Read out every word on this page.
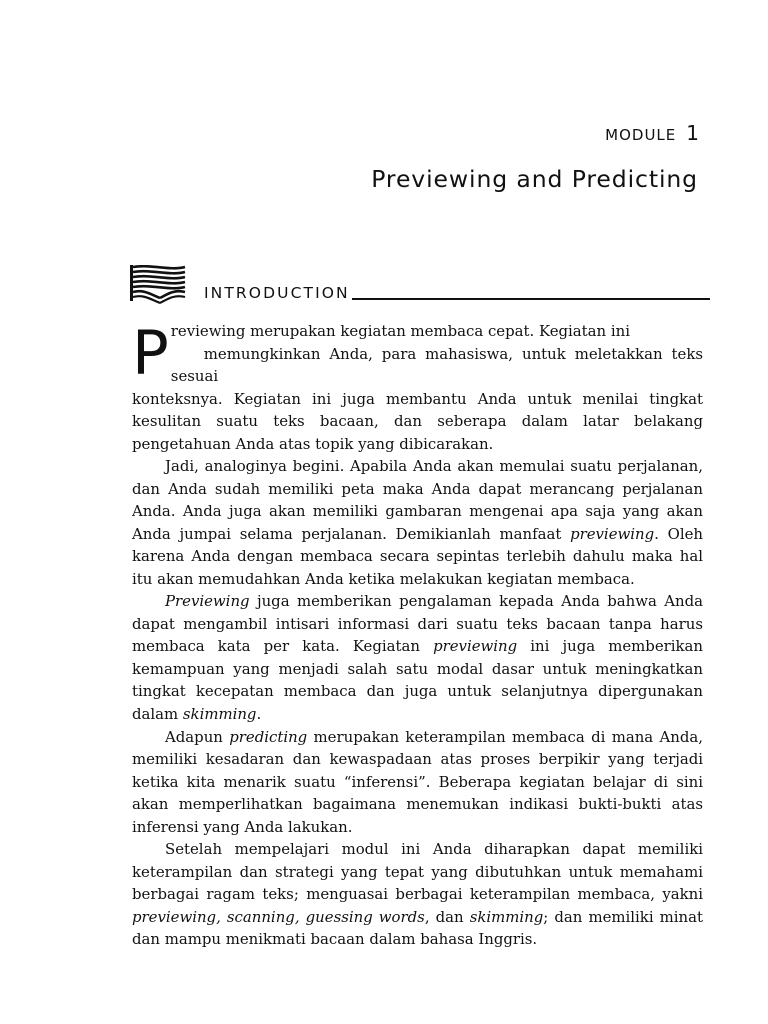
MODULE 1
Previewing and Predicting
INTRODUCTION

P reviewing merupakan kegiatan membaca cepat. Kegiatan ini
memungkinkan Anda, para mahasiswa, untuk meletakkan teks sesuai
konteksnya. Kegiatan ini juga membantu Anda untuk menilai tingkat kesulitan suatu teks bacaan, dan seberapa dalam latar belakang pengetahuan Anda atas topik yang dibicarakan.

Jadi, analoginya begini. Apabila Anda akan memulai suatu perjalanan, dan Anda sudah memiliki peta maka Anda dapat merancang perjalanan Anda. Anda juga akan memiliki gambaran mengenai apa saja yang akan Anda jumpai selama perjalanan. Demikianlah manfaat previewing. Oleh karena Anda dengan membaca secara sepintas terlebih dahulu maka hal itu akan memudahkan Anda ketika melakukan kegiatan membaca.

Previewing juga memberikan pengalaman kepada Anda bahwa Anda dapat mengambil intisari informasi dari suatu teks bacaan tanpa harus membaca kata per kata. Kegiatan previewing ini juga memberikan kemampuan yang menjadi salah satu modal dasar untuk meningkatkan tingkat kecepatan membaca dan juga untuk selanjutnya dipergunakan dalam skimming.

Adapun predicting merupakan keterampilan membaca di mana Anda, memiliki kesadaran dan kewaspadaan atas proses berpikir yang terjadi ketika kita menarik suatu “inferensi”. Beberapa kegiatan belajar di sini akan memperlihatkan bagaimana menemukan indikasi bukti-bukti atas inferensi yang Anda lakukan.

Setelah mempelajari modul ini Anda diharapkan dapat memiliki keterampilan dan strategi yang tepat yang dibutuhkan untuk memahami berbagai ragam teks; menguasai berbagai keterampilan membaca, yakni previewing, scanning, guessing words, dan skimming; dan memiliki minat dan mampu menikmati bacaan dalam bahasa Inggris.
